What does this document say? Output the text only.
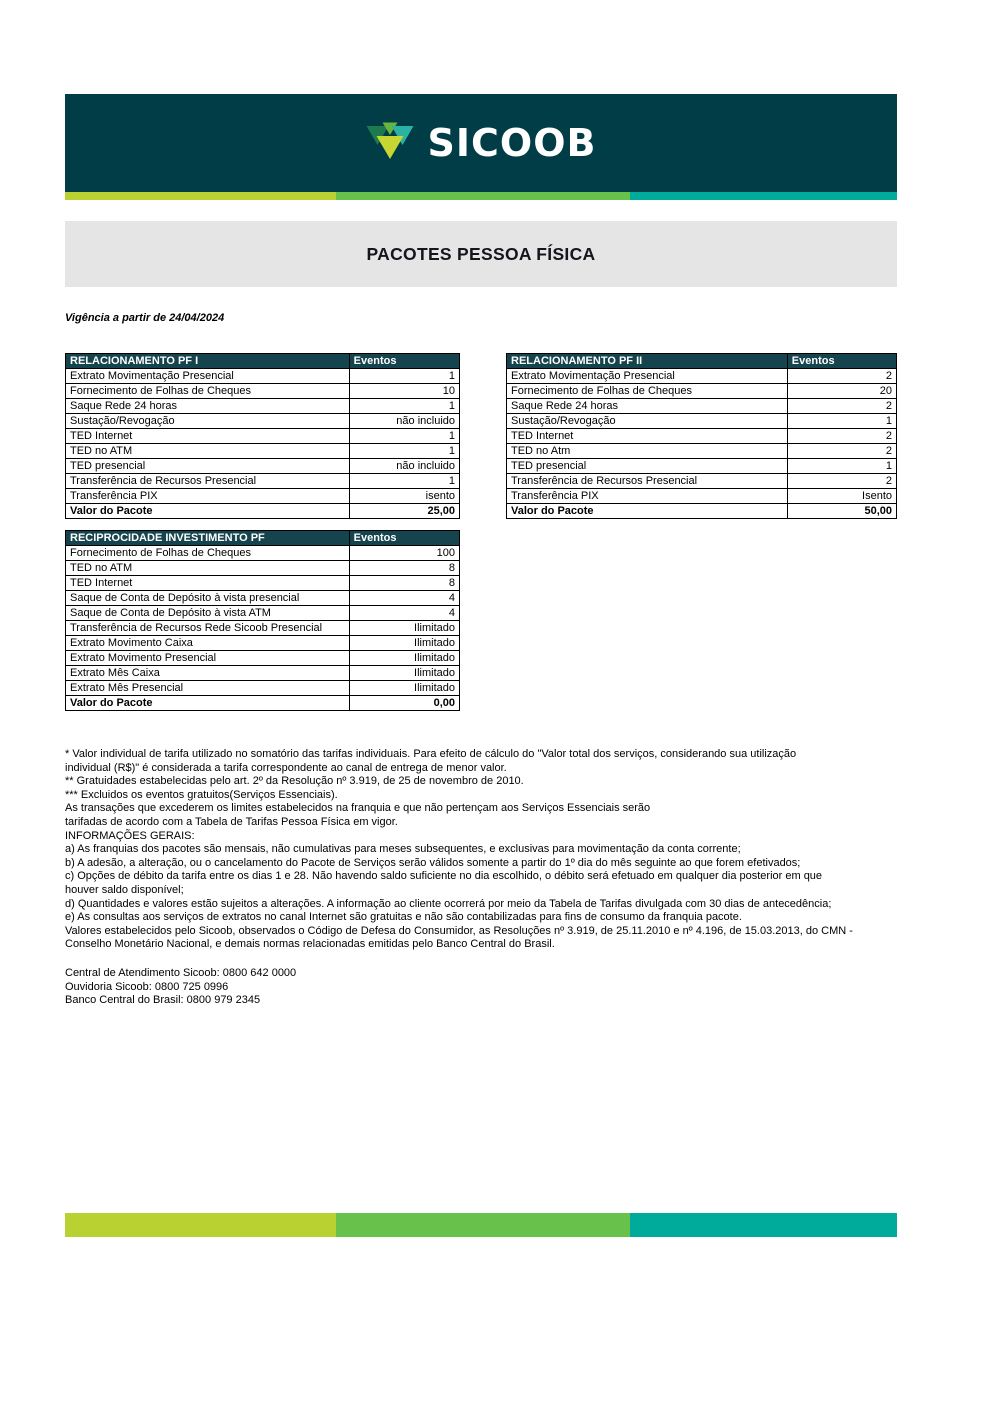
SICOOB
PACOTES PESSOA FÍSICA
Vigência a partir de 24/04/2024
RELACIONAMENTO PF I	Eventos
Extrato Movimentação Presencial	1
Fornecimento de Folhas de Cheques	10
Saque Rede 24 horas	1
Sustação/Revogação	não incluido
TED Internet	1
TED no ATM	1
TED presencial	não incluido
Transferência de Recursos Presencial	1
Transferência PIX	isento
Valor do Pacote	25,00
RELACIONAMENTO PF II	Eventos
Extrato Movimentação Presencial	2
Fornecimento de Folhas de Cheques	20
Saque Rede 24 horas	2
Sustação/Revogação	1
TED Internet	2
TED no Atm	2
TED presencial	1
Transferência de Recursos Presencial	2
Transferência PIX	Isento
Valor do Pacote	50,00
RECIPROCIDADE INVESTIMENTO PF	Eventos
Fornecimento de Folhas de Cheques	100
TED no ATM	8
TED Internet	8
Saque de Conta de Depósito à vista presencial	4
Saque de Conta de Depósito à vista ATM	4
Transferência de Recursos Rede Sicoob Presencial	Ilimitado
Extrato Movimento Caixa	Ilimitado
Extrato Movimento Presencial	Ilimitado
Extrato Mês Caixa	Ilimitado
Extrato Mês Presencial	Ilimitado
Valor do Pacote	0,00
* Valor individual de tarifa utilizado no somatório das tarifas individuais. Para efeito de cálculo do "Valor total dos serviços, considerando sua utilização
individual (R$)" é considerada a tarifa correspondente ao canal de entrega de menor valor.
** Gratuidades estabelecidas pelo art. 2º da Resolução nº 3.919, de 25 de novembro de 2010.
*** Excluidos os eventos gratuitos(Serviços Essenciais).
As transações que excederem os limites estabelecidos na franquia e que não pertençam aos Serviços Essenciais serão
tarifadas de acordo com a Tabela de Tarifas Pessoa Física em vigor.
INFORMAÇÕES GERAIS:
a) As franquias dos pacotes são mensais, não cumulativas para meses subsequentes, e exclusivas para movimentação da conta corrente;
b) A adesão, a alteração, ou o cancelamento do Pacote de Serviços serão válidos somente a partir do 1º dia do mês seguinte ao que forem efetivados;
c) Opções de débito da tarifa entre os dias 1 e 28. Não havendo saldo suficiente no dia escolhido, o débito será efetuado em qualquer dia posterior em que
houver saldo disponível;
d) Quantidades e valores estão sujeitos a alterações. A informação ao cliente ocorrerá por meio da Tabela de Tarifas divulgada com 30 dias de antecedência;
e) As consultas aos serviços de extratos no canal Internet são gratuitas e não são contabilizadas para fins de consumo da franquia pacote.
Valores estabelecidos pelo Sicoob, observados o Código de Defesa do Consumidor, as Resoluções nº 3.919, de 25.11.2010 e nº 4.196, de 15.03.2013, do CMN -
Conselho Monetário Nacional, e demais normas relacionadas emitidas pelo Banco Central do Brasil.
Central de Atendimento Sicoob: 0800 642 0000
Ouvidoria Sicoob: 0800 725 0996
Banco Central do Brasil: 0800 979 2345
